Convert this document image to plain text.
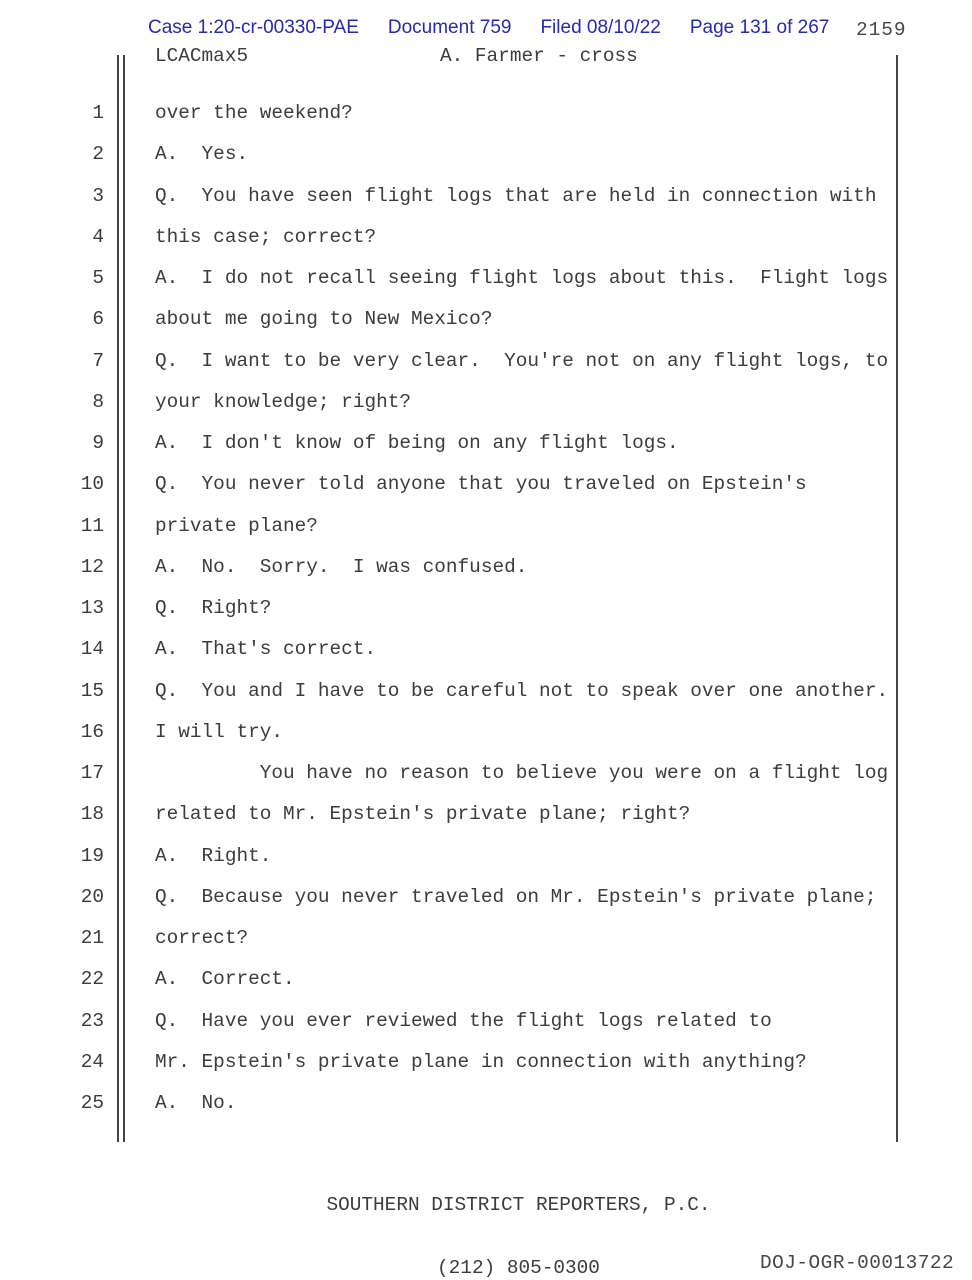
Case 1:20-cr-00330-PAE Document 759 Filed 08/10/22 Page 131 of 267 2159
LCACmax5	A. Farmer - cross
1	over the weekend?
2	A.  Yes.
3	Q.  You have seen flight logs that are held in connection with
4	this case; correct?
5	A.  I do not recall seeing flight logs about this.  Flight logs
6	about me going to New Mexico?
7	Q.  I want to be very clear.  You're not on any flight logs, to
8	your knowledge; right?
9	A.  I don't know of being on any flight logs.
10	Q.  You never told anyone that you traveled on Epstein's
11	private plane?
12	A.  No.  Sorry.  I was confused.
13	Q.  Right?
14	A.  That's correct.
15	Q.  You and I have to be careful not to speak over one another.
16	I will try.
17	You have no reason to believe you were on a flight log
18	related to Mr. Epstein's private plane; right?
19	A.  Right.
20	Q.  Because you never traveled on Mr. Epstein's private plane;
21	correct?
22	A.  Correct.
23	Q.  Have you ever reviewed the flight logs related to
24	Mr. Epstein's private plane in connection with anything?
25	A.  No.

SOUTHERN DISTRICT REPORTERS, P.C.

(212) 805-0300

	DOJ-OGR-00013722
